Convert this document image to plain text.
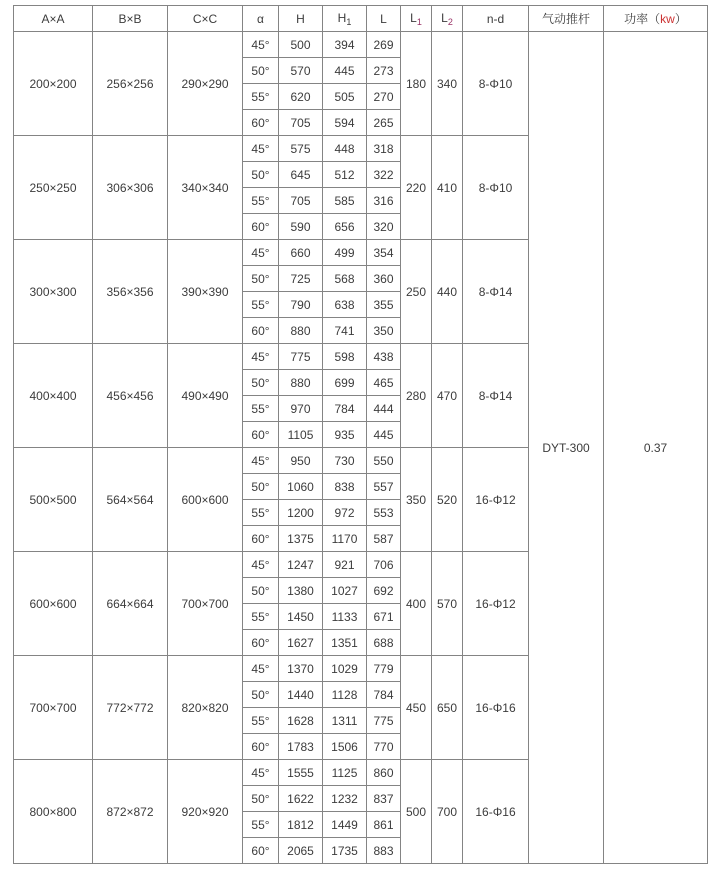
A×A	B×B	C×C	α	H	$H_1$	L	$L_1$	$L_2$	n-d	气动推杆	功率（kw）
200×200	256×256	290×290	45°	500	394	269	180	340	8-Φ10	DYT-300	0.37
			50°	570	445	273					
			55°	620	505	270					
			60°	705	594	265					
250×250	306×306	340×340	45°	575	448	318	220	410	8-Φ10		
			50°	645	512	322					
			55°	705	585	316					
			60°	590	656	320					
300×300	356×356	390×390	45°	660	499	354	250	440	8-Φ14		
			50°	725	568	360					
			55°	790	638	355					
			60°	880	741	350					
400×400	456×456	490×490	45°	775	598	438	280	470	8-Φ14		
			50°	880	699	465					
			55°	970	784	444					
			60°	1105	935	445					
500×500	564×564	600×600	45°	950	730	550	350	520	16-Φ12		
			50°	1060	838	557					
			55°	1200	972	553					
			60°	1375	1170	587					
600×600	664×664	700×700	45°	1247	921	706	400	570	16-Φ12		
			50°	1380	1027	692					
			55°	1450	1133	671					
			60°	1627	1351	688					
700×700	772×772	820×820	45°	1370	1029	779	450	650	16-Φ16		
			50°	1440	1128	784					
			55°	1628	1311	775					
			60°	1783	1506	770					
800×800	872×872	920×920	45°	1555	1125	860	500	700	16-Φ16		
			50°	1622	1232	837					
			55°	1812	1449	861					
			60°	2065	1735	883					
